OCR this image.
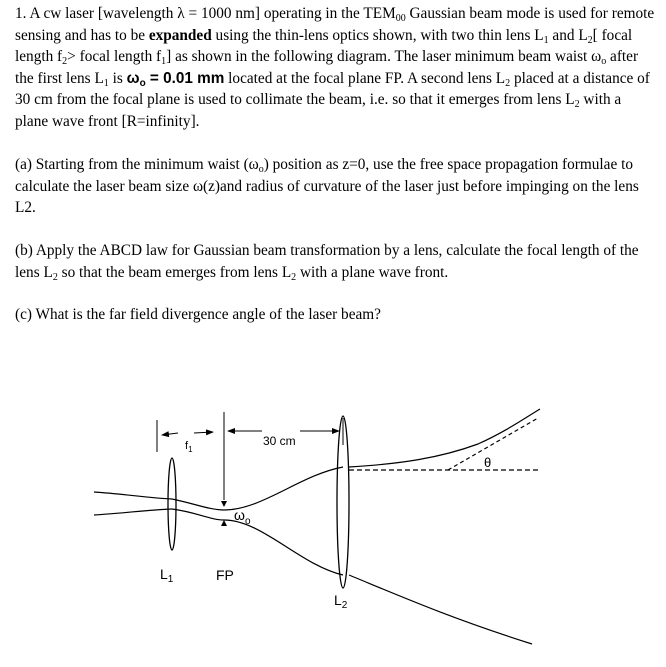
1. A cw laser [wavelength λ = 1000 nm] operating in the $TEM_{00}$ Gaussian beam mode is used for remote sensing and has to be expanded using the thin-lens optics shown, with two thin lens $L_1$ and $L_2$[ focal length $f_2>$ focal length $f_1$] as shown in the following diagram. The laser minimum beam waist $\omega_o$ after the first lens $L_1$ is $\omega_o = 0.01$ mm located at the focal plane FP. A second lens $L_2$ placed at a distance of 30 cm from the focal plane is used to collimate the beam, i.e. so that it emerges from lens $L_2$ with a plane wave front [R=infinity].
(a) Starting from the minimum waist $(\omega_o)$ position as z=0, use the free space propagation formulae to calculate the laser beam size ω(z)and radius of curvature of the laser just before impinging on the lens L2.
(b) Apply the ABCD law for Gaussian beam transformation by a lens, calculate the focal length of the lens $L_2$ so that the beam emerges from lens $L_2$ with a plane wave front.
(c) What is the far field divergence angle of the laser beam?
$f_1$
30 cm
$\omega_o$
θ
$L_1$	FP
$L_2$
